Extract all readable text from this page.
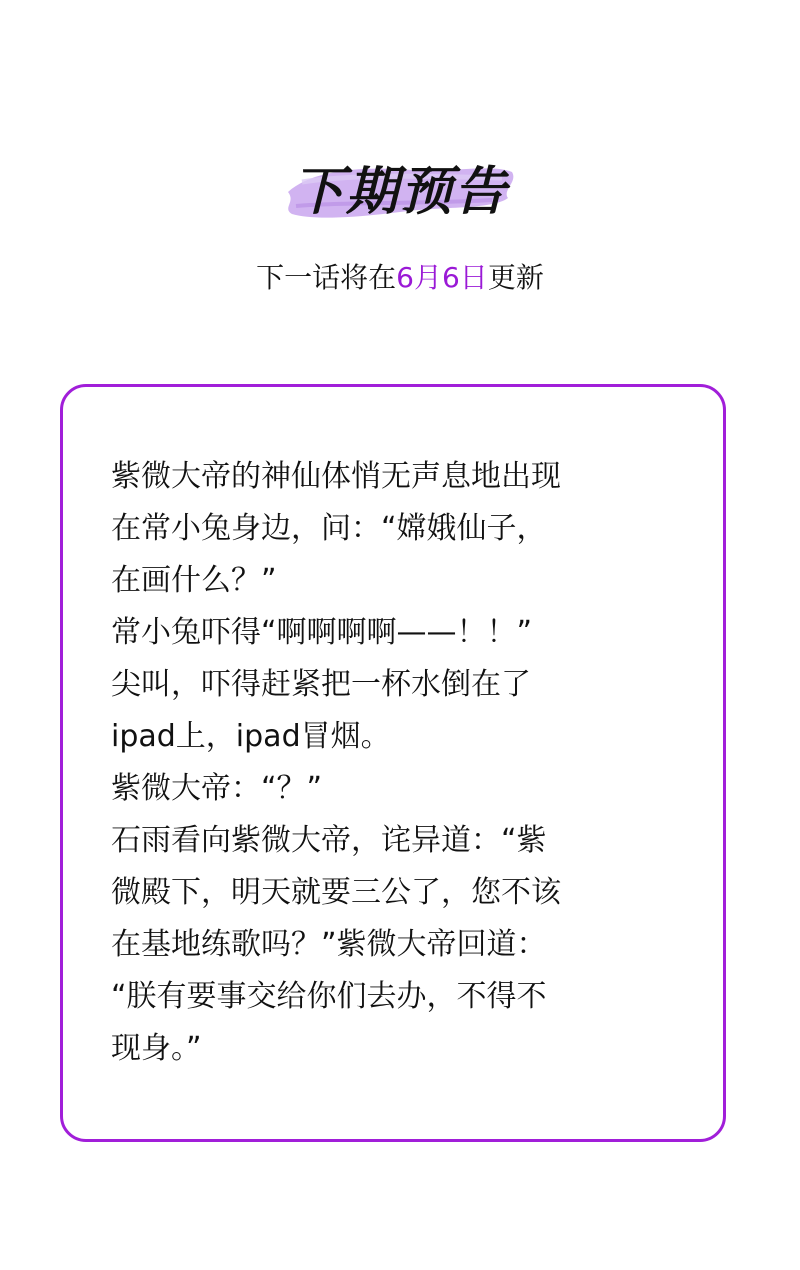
下期预告
下一话将在6月6日更新
紫微大帝的神仙体悄无声息地出现
在常小兔身边，问：“嫦娥仙子，
在画什么？”
常小兔吓得“啊啊啊啊——！！”
尖叫，吓得赶紧把一杯水倒在了
ipad上，ipad冒烟。
紫微大帝：“？”
石雨看向紫微大帝，诧异道：“紫
微殿下，明天就要三公了，您不该
在基地练歌吗？”紫微大帝回道：
“朕有要事交给你们去办，不得不
现身。”
